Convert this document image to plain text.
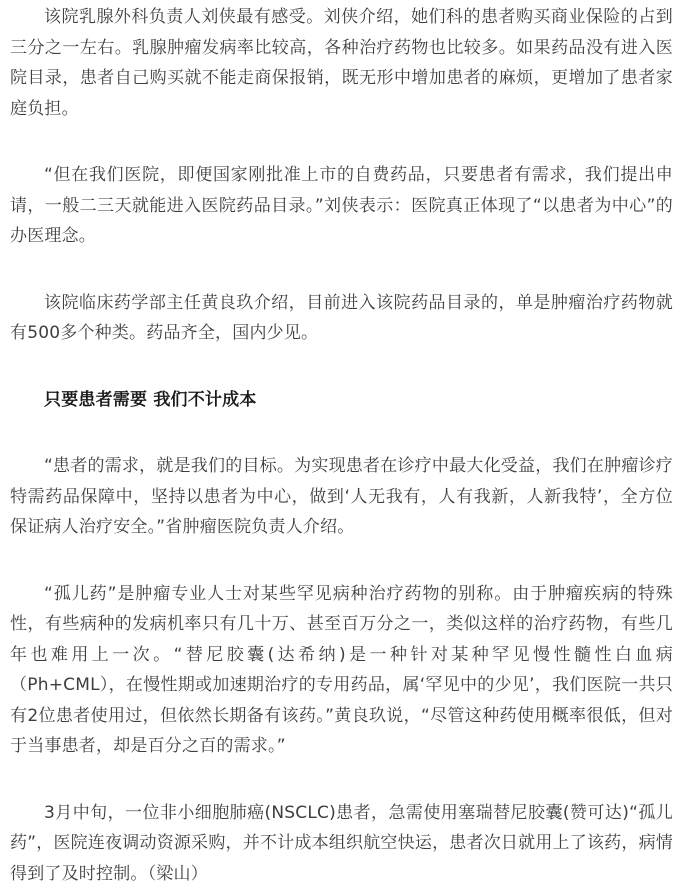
该院乳腺外科负责人刘侠最有感受。刘侠介绍，她们科的患者购买商业保险的占到三分之一左右。乳腺肿瘤发病率比较高，各种治疗药物也比较多。如果药品没有进入医院目录，患者自己购买就不能走商保报销，既无形中增加患者的麻烦，更增加了患者家庭负担。

“但在我们医院，即便国家刚批准上市的自费药品，只要患者有需求，我们提出申请，一般二三天就能进入医院药品目录。”刘侠表示：医院真正体现了“以患者为中心”的办医理念。

该院临床药学部主任黄良玖介绍，目前进入该院药品目录的，单是肿瘤治疗药物就有500多个种类。药品齐全，国内少见。

只要患者需要 我们不计成本

“患者的需求，就是我们的目标。为实现患者在诊疗中最大化受益，我们在肿瘤诊疗特需药品保障中，坚持以患者为中心，做到‘人无我有，人有我新，人新我特’，全方位保证病人治疗安全。”省肿瘤医院负责人介绍。

“孤儿药”是肿瘤专业人士对某些罕见病种治疗药物的别称。由于肿瘤疾病的特殊性，有些病种的发病机率只有几十万、甚至百万分之一，类似这样的治疗药物，有些几年也难用上一次。“替尼胶囊(达希纳)是一种针对某种罕见慢性髓性白血病（Ph+CML），在慢性期或加速期治疗的专用药品，属‘罕见中的少见’，我们医院一共只有2位患者使用过，但依然长期备有该药。”黄良玖说，“尽管这种药使用概率很低，但对于当事患者，却是百分之百的需求。”

3月中旬，一位非小细胞肺癌(NSCLC)患者，急需使用塞瑞替尼胶囊(赞可达)“孤儿药”，医院连夜调动资源采购，并不计成本组织航空快运，患者次日就用上了该药，病情得到了及时控制。（梁山）
